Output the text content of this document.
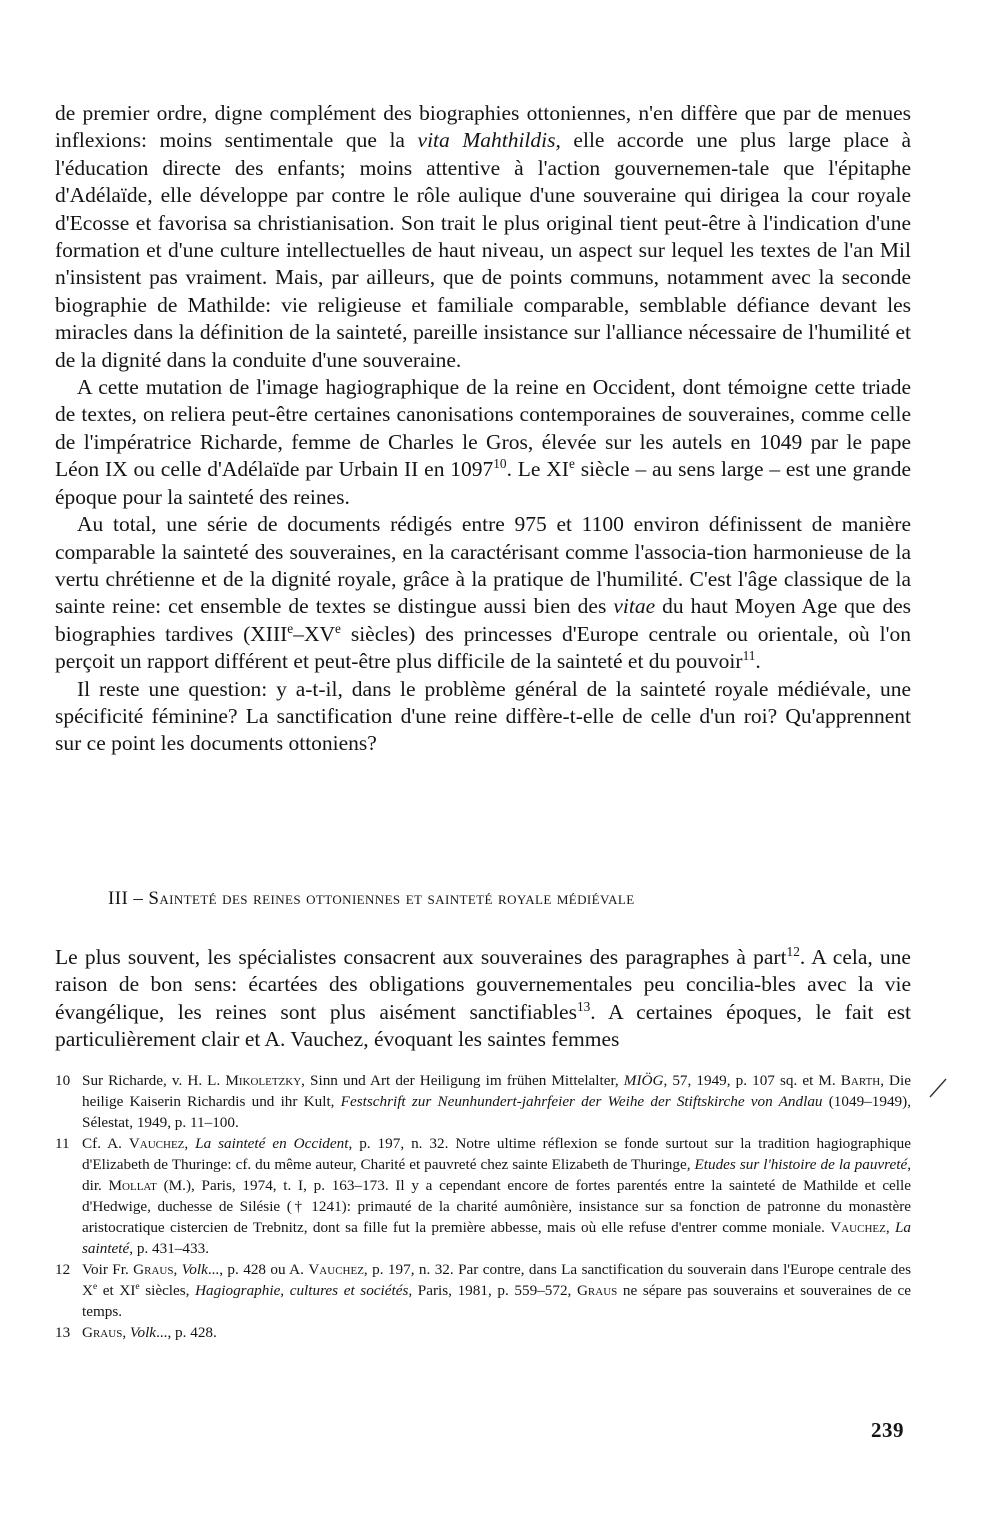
de premier ordre, digne complément des biographies ottoniennes, n'en diffère que par de menues inflexions: moins sentimentale que la vita Mahthildis, elle accorde une plus large place à l'éducation directe des enfants; moins attentive à l'action gouvernemen-tale que l'épitaphe d'Adélaïde, elle développe par contre le rôle aulique d'une souveraine qui dirigea la cour royale d'Ecosse et favorisa sa christianisation. Son trait le plus original tient peut-être à l'indication d'une formation et d'une culture intellectuelles de haut niveau, un aspect sur lequel les textes de l'an Mil n'insistent pas vraiment. Mais, par ailleurs, que de points communs, notamment avec la seconde biographie de Mathilde: vie religieuse et familiale comparable, semblable défiance devant les miracles dans la définition de la sainteté, pareille insistance sur l'alliance nécessaire de l'humilité et de la dignité dans la conduite d'une souveraine.

A cette mutation de l'image hagiographique de la reine en Occident, dont témoigne cette triade de textes, on reliera peut-être certaines canonisations contemporaines de souveraines, comme celle de l'impératrice Richarde, femme de Charles le Gros, élevée sur les autels en 1049 par le pape Léon IX ou celle d'Adélaïde par Urbain II en 1097$^{10}$. Le XIe siècle – au sens large – est une grande époque pour la sainteté des reines.

Au total, une série de documents rédigés entre 975 et 1100 environ définissent de manière comparable la sainteté des souveraines, en la caractérisant comme l'associa-tion harmonieuse de la vertu chrétienne et de la dignité royale, grâce à la pratique de l'humilité. C'est l'âge classique de la sainte reine: cet ensemble de textes se distingue aussi bien des vitae du haut Moyen Age que des biographies tardives (XIIIe–XVe siècles) des princesses d'Europe centrale ou orientale, où l'on perçoit un rapport différent et peut-être plus difficile de la sainteté et du pouvoir$^{11}$.

Il reste une question: y a-t-il, dans le problème général de la sainteté royale médiévale, une spécificité féminine? La sanctification d'une reine diffère-t-elle de celle d'un roi? Qu'apprennent sur ce point les documents ottoniens?

III – Sainteté des reines ottoniennes et sainteté royale médiévale

Le plus souvent, les spécialistes consacrent aux souveraines des paragraphes à part$^{12}$. A cela, une raison de bon sens: écartées des obligations gouvernementales peu concilia-bles avec la vie évangélique, les reines sont plus aisément sanctifiables$^{13}$. A certaines époques, le fait est particulièrement clair et A. Vauchez, évoquant les saintes femmes

10 Sur Richarde, v. H. L. Mikoletzky, Sinn und Art der Heiligung im frühen Mittelalter, MIÖG, 57, 1949, p. 107 sq. et M. Barth, Die heilige Kaiserin Richardis und ihr Kult, Festschrift zur Neunhundert-jahrfeier der Weihe der Stiftskirche von Andlau (1049–1949), Sélestat, 1949, p. 11–100.

11 Cf. A. Vauchez, La sainteté en Occident, p. 197, n. 32. Notre ultime réflexion se fonde surtout sur la tradition hagiographique d'Elizabeth de Thuringe: cf. du même auteur, Charité et pauvreté chez sainte Elizabeth de Thuringe, Etudes sur l'histoire de la pauvreté, dir. Mollat (M.), Paris, 1974, t. I, p. 163–173. Il y a cependant encore de fortes parentés entre la sainteté de Mathilde et celle d'Hedwige, duchesse de Silésie († 1241): primauté de la charité aumônière, insistance sur sa fonction de patronne du monastère aristocratique cistercien de Trebnitz, dont sa fille fut la première abbesse, mais où elle refuse d'entrer comme moniale. Vauchez, La sainteté, p. 431–433.

12 Voir Fr. Graus, Volk..., p. 428 ou A. Vauchez, p. 197, n. 32. Par contre, dans La sanctification du souverain dans l'Europe centrale des Xe et XIe siècles, Hagiographie, cultures et sociétés, Paris, 1981, p. 559–572, Graus ne sépare pas souverains et souveraines de ce temps.

13 Graus, Volk..., p. 428.

239
